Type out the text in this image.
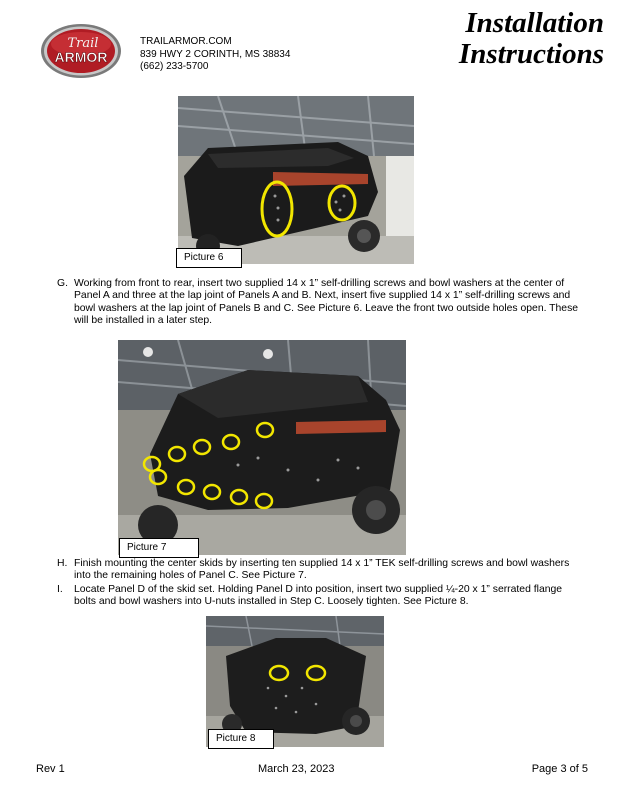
Trail
ARMOR
TRAILARMOR.COM
839 HWY 2 CORINTH, MS 38834
(662) 233-5700
Installation
Instructions
Picture 6
G. Working from front to rear, insert two supplied 14 x 1” self-drilling screws and bowl washers at the center of Panel A and three at the lap joint of Panels A and B. Next, insert five supplied 14 x 1” self-drilling screws and bowl washers at the lap joint of Panels B and C. See Picture 6. Leave the front two outside holes open. These will be installed in a later step.
Picture 7
H. Finish mounting the center skids by inserting ten supplied 14 x 1” TEK self-drilling screws and bowl washers into the remaining holes of Panel C. See Picture 7.
I. Locate Panel D of the skid set. Holding Panel D into position, insert two supplied ¼-20 x 1” serrated flange bolts and bowl washers into U-nuts installed in Step C. Loosely tighten. See Picture 8.
Picture 8
Rev 1	March 23, 2023	Page 3 of 5
